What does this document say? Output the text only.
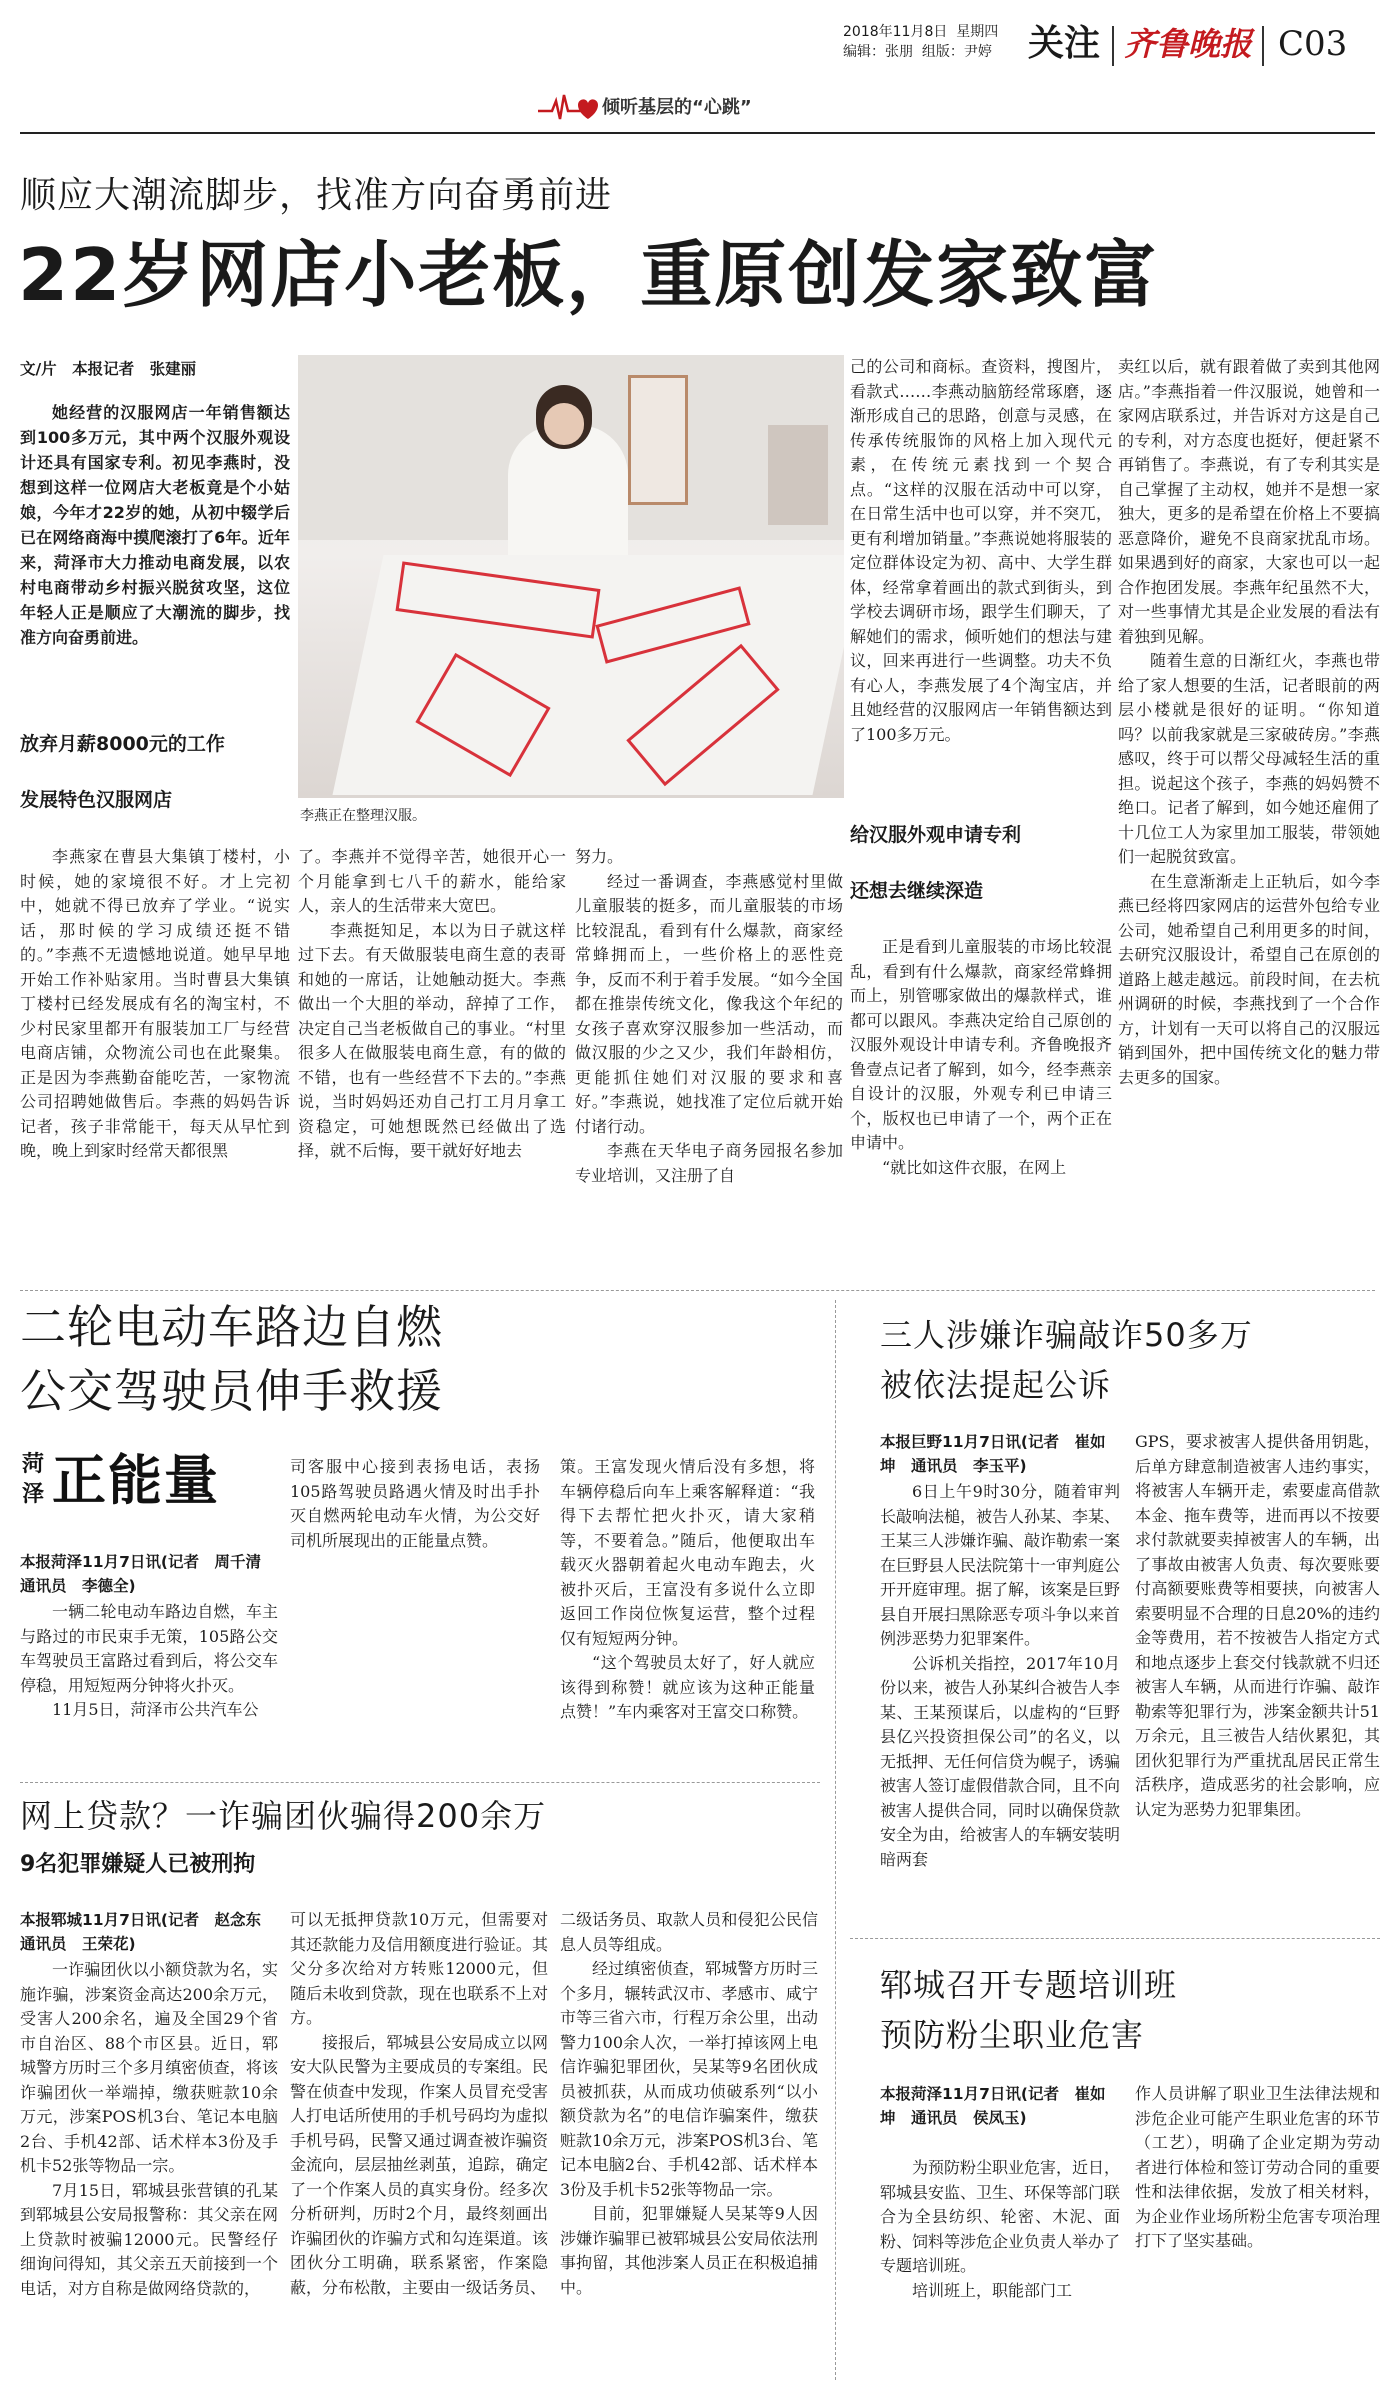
2018年11月8日 星期四
编辑：张朋 组版：尹婷 关注 齐鲁晚报 C03
倾听基层的“心跳”
顺应大潮流脚步，找准方向奋勇前进
22岁网店小老板，重原创发家致富
文/片　本报记者　张建丽

她经营的汉服网店一年销售额达到100多万元，其中两个汉服外观设计还具有国家专利。初见李燕时，没想到这样一位网店大老板竟是个小姑娘，今年才22岁的她，从初中辍学后已在网络商海中摸爬滚打了6年。近年来，菏泽市大力推动电商发展，以农村电商带动乡村振兴脱贫攻坚，这位年轻人正是顺应了大潮流的脚步，找准方向奋勇前进。

放弃月薪8000元的工作
发展特色汉服网店
李燕正在整理汉服。

李燕家在曹县大集镇丁楼村，小时候，她的家境很不好。才上完初中，她就不得已放弃了学业。“说实话，那时候的学习成绩还挺不错的。”李燕不无遗憾地说道。她早早地开始工作补贴家用。当时曹县大集镇丁楼村已经发展成有名的淘宝村，不少村民家里都开有服装加工厂与经营电商店铺，众物流公司也在此聚集。正是因为李燕勤奋能吃苦，一家物流公司招聘她做售后。李燕的妈妈告诉记者，孩子非常能干，每天从早忙到晚，晚上到家时经常天都很黑

了。李燕并不觉得辛苦，她很开心一个月能拿到七八千的薪水，能给家人，亲人的生活带来大宽巴。

李燕挺知足，本以为日子就这样过下去。有天做服装电商生意的表哥和她的一席话，让她触动挺大。李燕做出一个大胆的举动，辞掉了工作，决定自己当老板做自己的事业。“村里很多人在做服装电商生意，有的做的不错，也有一些经营不下去的。”李燕说，当时妈妈还劝自己打工月月拿工资稳定，可她想既然已经做出了选择，就不后悔，要干就好好地去

努力。

经过一番调查，李燕感觉村里做儿童服装的挺多，而儿童服装的市场比较混乱，看到有什么爆款，商家经常蜂拥而上，一些价格上的恶性竞争，反而不利于着手发展。“如今全国都在推崇传统文化，像我这个年纪的女孩子喜欢穿汉服参加一些活动，而做汉服的少之又少，我们年龄相仿，更能抓住她们对汉服的要求和喜好。”李燕说，她找准了定位后就开始付诸行动。

李燕在天华电子商务园报名参加专业培训，又注册了自

己的公司和商标。查资料，搜图片，看款式……李燕动脑筋经常琢磨，逐渐形成自己的思路，创意与灵感，在传承传统服饰的风格上加入现代元素，在传统元素找到一个契合点。“这样的汉服在活动中可以穿，在日常生活中也可以穿，并不突兀，更有利增加销量。”李燕说她将服装的定位群体设定为初、高中、大学生群体，经常拿着画出的款式到街头，到学校去调研市场，跟学生们聊天，了解她们的需求，倾听她们的想法与建议，回来再进行一些调整。功夫不负有心人，李燕发展了4个淘宝店，并且她经营的汉服网店一年销售额达到了100多万元。

给汉服外观申请专利
还想去继续深造

正是看到儿童服装的市场比较混乱，看到有什么爆款，商家经常蜂拥而上，别管哪家做出的爆款样式，谁都可以跟风。李燕决定给自己原创的汉服外观设计申请专利。齐鲁晚报齐鲁壹点记者了解到，如今，经李燕亲自设计的汉服，外观专利已申请三个，版权也已申请了一个，两个正在申请中。

“就比如这件衣服，在网上

卖红以后，就有跟着做了卖到其他网店。”李燕指着一件汉服说，她曾和一家网店联系过，并告诉对方这是自己的专利，对方态度也挺好，便赶紧不再销售了。李燕说，有了专利其实是自己掌握了主动权，她并不是想一家独大，更多的是希望在价格上不要搞恶意降价，避免不良商家扰乱市场。如果遇到好的商家，大家也可以一起合作抱团发展。李燕年纪虽然不大，对一些事情尤其是企业发展的看法有着独到见解。

随着生意的日渐红火，李燕也带给了家人想要的生活，记者眼前的两层小楼就是很好的证明。“你知道吗？以前我家就是三家破砖房。”李燕感叹，终于可以帮父母减轻生活的重担。说起这个孩子，李燕的妈妈赞不绝口。记者了解到，如今她还雇佣了十几位工人为家里加工服装，带领她们一起脱贫致富。

在生意渐渐走上正轨后，如今李燕已经将四家网店的运营外包给专业公司，她希望自己利用更多的时间，去研究汉服设计，希望自己在原创的道路上越走越远。前段时间，在去杭州调研的时候，李燕找到了一个合作方，计划有一天可以将自己的汉服远销到国外，把中国传统文化的魅力带去更多的国家。

二轮电动车路边自燃
公交驾驶员伸手救援
菏泽 正能量
本报菏泽11月7日讯(记者　周千清　通讯员　李德全)

一辆二轮电动车路边自燃，车主与路过的市民束手无策，105路公交车驾驶员王富路过看到后，将公交车停稳，用短短两分钟将火扑灭。

11月5日，菏泽市公共汽车公

司客服中心接到表扬电话，表扬105路驾驶员路遇火情及时出手扑灭自燃两轮电动车火情，为公交好司机所展现出的正能量点赞。

策。王富发现火情后没有多想，将车辆停稳后向车上乘客解释道：“我得下去帮忙把火扑灭，请大家稍等，不要着急。”随后，他便取出车载灭火器朝着起火电动车跑去，火被扑灭后，王富没有多说什么立即返回工作岗位恢复运营，整个过程仅有短短两分钟。

“这个驾驶员太好了，好人就应该得到称赞！就应该为这种正能量点赞！”车内乘客对王富交口称赞。

网上贷款？一诈骗团伙骗得200余万
9名犯罪嫌疑人已被刑拘
本报郓城11月7日讯(记者　赵念东　通讯员　王荣花)

一诈骗团伙以小额贷款为名，实施诈骗，涉案资金高达200余万元，受害人200余名，遍及全国29个省市自治区、88个市区县。近日，郓城警方历时三个多月缜密侦查，将该诈骗团伙一举端掉，缴获赃款10余万元，涉案POS机3台、笔记本电脑2台、手机42部、话术样本3份及手机卡52张等物品一宗。

7月15日，郓城县张营镇的孔某到郓城县公安局报警称：其父亲在网上贷款时被骗12000元。民警经仔细询问得知，其父亲五天前接到一个电话，对方自称是做网络贷款的，

可以无抵押贷款10万元，但需要对其还款能力及信用额度进行验证。其父分多次给对方转账12000元，但随后未收到贷款，现在也联系不上对方。

接报后，郓城县公安局成立以网安大队民警为主要成员的专案组。民警在侦查中发现，作案人员冒充受害人打电话所使用的手机号码均为虚拟手机号码，民警又通过调查被诈骗资金流向，层层抽丝剥茧，追踪，确定了一个作案人员的真实身份。经多次分析研判，历时2个月，最终刻画出诈骗团伙的诈骗方式和勾连渠道。该团伙分工明确，联系紧密，作案隐蔽，分布松散，主要由一级话务员、

二级话务员、取款人员和侵犯公民信息人员等组成。

经过缜密侦查，郓城警方历时三个多月，辗转武汉市、孝感市、咸宁市等三省六市，行程万余公里，出动警力100余人次，一举打掉该网上电信诈骗犯罪团伙，吴某等9名团伙成员被抓获，从而成功侦破系列“以小额贷款为名”的电信诈骗案件，缴获赃款10余万元，涉案POS机3台、笔记本电脑2台、手机42部、话术样本3份及手机卡52张等物品一宗。

目前，犯罪嫌疑人吴某等9人因涉嫌诈骗罪已被郓城县公安局依法刑事拘留，其他涉案人员正在积极追捕中。

三人涉嫌诈骗敲诈50多万
被依法提起公诉
本报巨野11月7日讯(记者　崔如坤　通讯员　李玉平)

6日上午9时30分，随着审判长敲响法槌，被告人孙某、李某、王某三人涉嫌诈骗、敲诈勒索一案在巨野县人民法院第十一审判庭公开开庭审理。据了解，该案是巨野县自开展扫黑除恶专项斗争以来首例涉恶势力犯罪案件。

公诉机关指控，2017年10月份以来，被告人孙某纠合被告人李某、王某预谋后，以虚构的“巨野县亿兴投资担保公司”的名义，以无抵押、无任何信贷为幌子，诱骗被害人签订虚假借款合同，且不向被害人提供合同，同时以确保贷款安全为由，给被害人的车辆安装明暗两套

GPS，要求被害人提供备用钥匙，后单方肆意制造被害人违约事实，将被害人车辆开走，索要虚高借款本金、拖车费等，进而再以不按要求付款就要卖掉被害人的车辆，出了事故由被害人负责、每次要账要付高额要账费等相要挟，向被害人索要明显不合理的日息20%的违约金等费用，若不按被告人指定方式和地点逐步上套交付钱款就不归还被害人车辆，从而进行诈骗、敲诈勒索等犯罪行为，涉案金额共计51万余元，且三被告人结伙累犯，其团伙犯罪行为严重扰乱居民正常生活秩序，造成恶劣的社会影响，应认定为恶势力犯罪集团。

郓城召开专题培训班
预防粉尘职业危害
本报菏泽11月7日讯(记者　崔如坤　通讯员　侯凤玉)

为预防粉尘职业危害，近日，郓城县安监、卫生、环保等部门联合为全县纺织、轮密、木泥、面粉、饲料等涉危企业负责人举办了专题培训班。

培训班上，职能部门工

作人员讲解了职业卫生法律法规和涉危企业可能产生职业危害的环节（工艺），明确了企业定期为劳动者进行体检和签订劳动合同的重要性和法律依据，发放了相关材料，为企业作业场所粉尘危害专项治理打下了坚实基础。
